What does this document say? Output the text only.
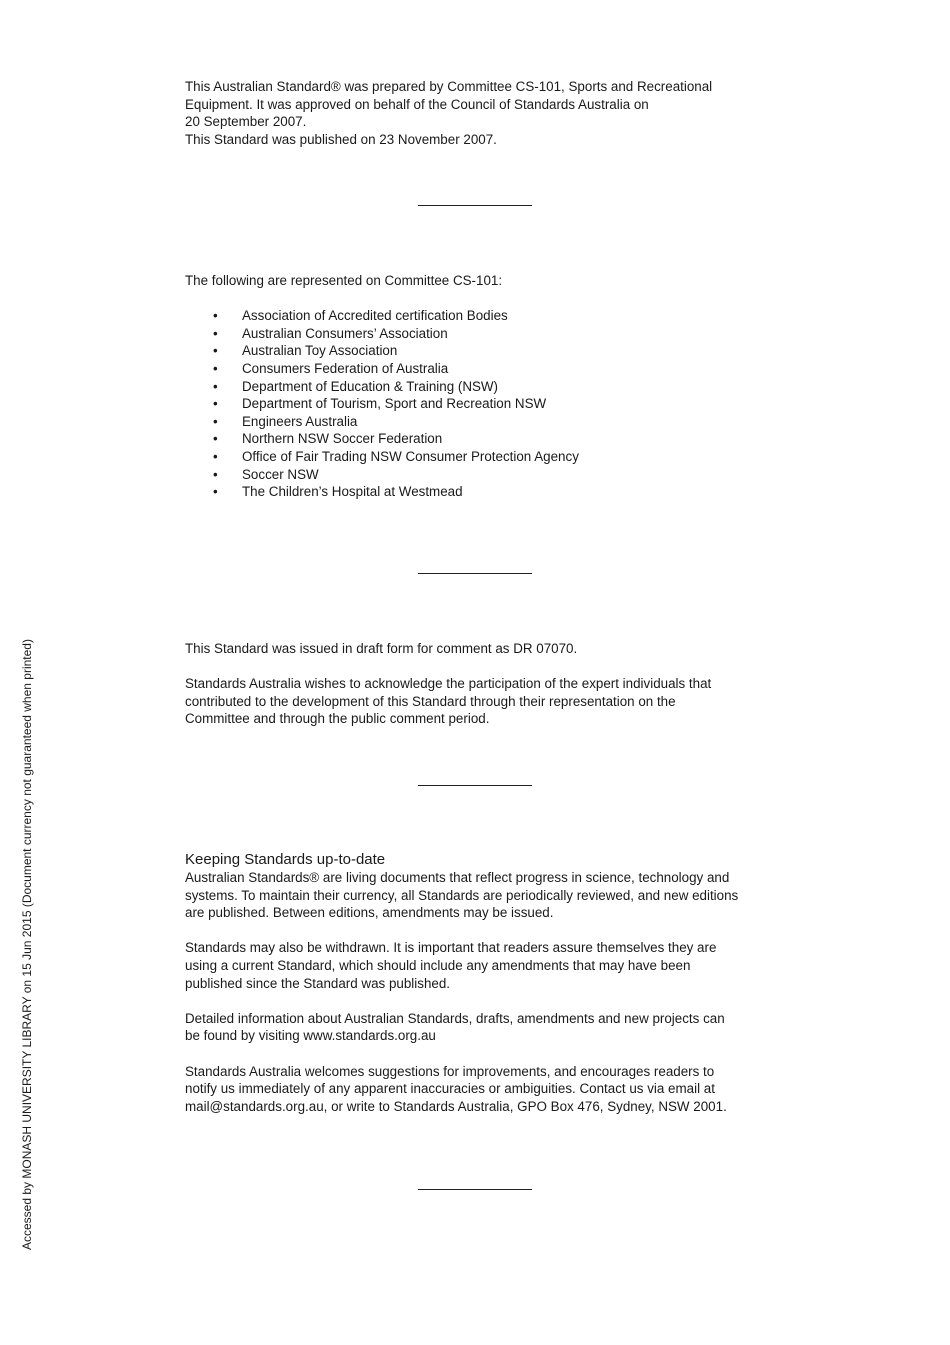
This Australian Standard® was prepared by Committee CS-101, Sports and Recreational

Equipment. It was approved on behalf of the Council of Standards Australia on

20 September 2007.

This Standard was published on 23 November 2007.

The following are represented on Committee CS-101:

• Association of Accredited certification Bodies
• Australian Consumers’ Association
• Australian Toy Association
• Consumers Federation of Australia
• Department of Education & Training (NSW)
• Department of Tourism, Sport and Recreation NSW
• Engineers Australia
• Northern NSW Soccer Federation
• Office of Fair Trading NSW Consumer Protection Agency
• Soccer NSW
• The Children’s Hospital at Westmead

This Standard was issued in draft form for comment as DR 07070.

Standards Australia wishes to acknowledge the participation of the expert individuals that

contributed to the development of this Standard through their representation on the

Committee and through the public comment period.

Keeping Standards up-to-date

Australian Standards® are living documents that reflect progress in science, technology and

systems. To maintain their currency, all Standards are periodically reviewed, and new editions

are published. Between editions, amendments may be issued.

Standards may also be withdrawn. It is important that readers assure themselves they are

using a current Standard, which should include any amendments that may have been

published since the Standard was published.

Detailed information about Australian Standards, drafts, amendments and new projects can

be found by visiting www.standards.org.au

Standards Australia welcomes suggestions for improvements, and encourages readers to

notify us immediately of any apparent inaccuracies or ambiguities. Contact us via email at

mail@standards.org.au, or write to Standards Australia, GPO Box 476, Sydney, NSW 2001.

Accessed by MONASH UNIVERSITY LIBRARY on 15 Jun 2015 (Document currency not guaranteed when printed)
